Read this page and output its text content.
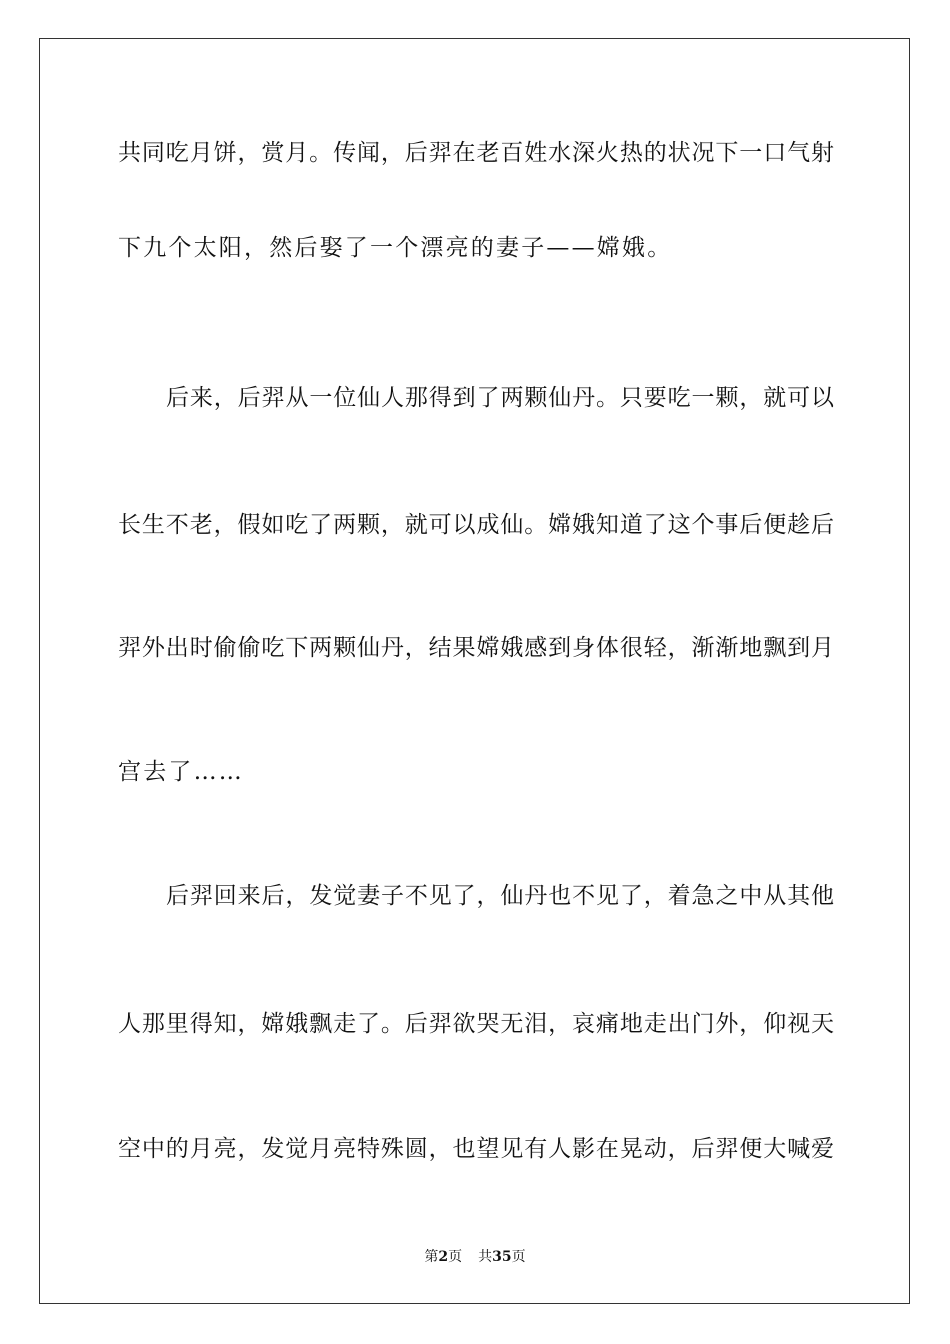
共同吃月饼，赏月。传闻，后羿在老百姓水深火热的状况下一口气射
下九个太阳，然后娶了一个漂亮的妻子——嫦娥。
后来，后羿从一位仙人那得到了两颗仙丹。只要吃一颗，就可以
长生不老，假如吃了两颗，就可以成仙。嫦娥知道了这个事后便趁后
羿外出时偷偷吃下两颗仙丹，结果嫦娥感到身体很轻，渐渐地飘到月
宫去了……
后羿回来后，发觉妻子不见了，仙丹也不见了，着急之中从其他
人那里得知，嫦娥飘走了。后羿欲哭无泪，哀痛地走出门外，仰视天
空中的月亮，发觉月亮特殊圆，也望见有人影在晃动，后羿便大喊爱
第2页 共35页
